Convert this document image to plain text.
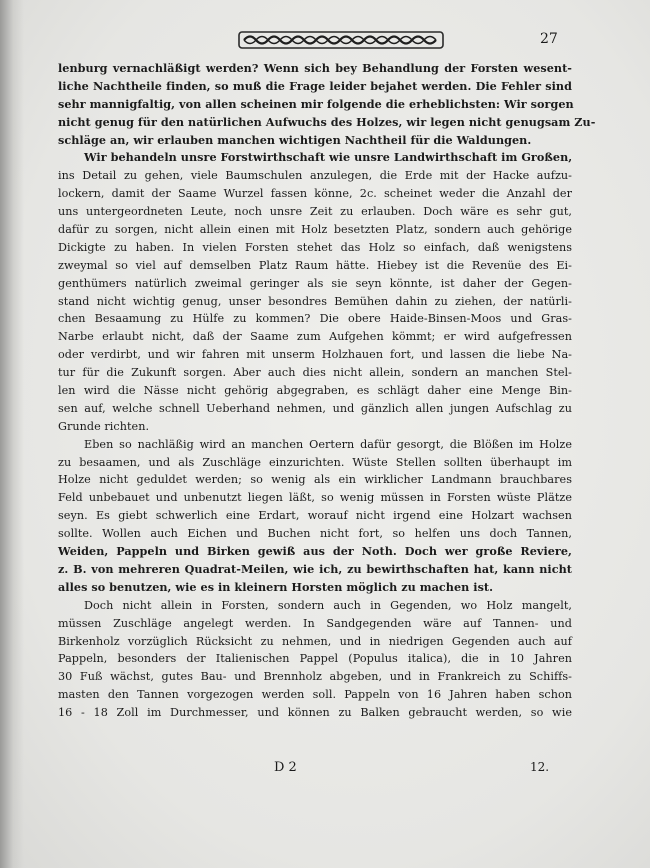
27
lenburg vernachläßigt werden? Wenn sich bey Behandlung der Forsten wesent-
liche Nachtheile finden, so muß die Frage leider bejahet werden. Die Fehler sind
sehr mannigfaltig, von allen scheinen mir folgende die erheblichsten: Wir sorgen
nicht genug für den natürlichen Aufwuchs des Holzes, wir legen nicht genugsam Zu-
schläge an, wir erlauben manchen wichtigen Nachtheil für die Waldungen.
Wir behandeln unsre Forstwirthschaft wie unsre Landwirthschaft im Großen,
ins Detail zu gehen, viele Baumschulen anzulegen, die Erde mit der Hacke aufzu-
lockern, damit der Saame Wurzel fassen könne, 2c. scheinet weder die Anzahl der
uns untergeordneten Leute, noch unsre Zeit zu erlauben. Doch wäre es sehr gut,
dafür zu sorgen, nicht allein einen mit Holz besetzten Platz, sondern auch gehörige
Dickigte zu haben. In vielen Forsten stehet das Holz so einfach, daß wenigstens
zweymal so viel auf demselben Platz Raum hätte. Hiebey ist die Revenüe des Ei-
genthümers natürlich zweimal geringer als sie seyn könnte, ist daher der Gegen-
stand nicht wichtig genug, unser besondres Bemühen dahin zu ziehen, der natürli-
chen Besaamung zu Hülfe zu kommen? Die obere Haide-Binsen-Moos und Gras-
Narbe erlaubt nicht, daß der Saame zum Aufgehen kömmt; er wird aufgefressen
oder verdirbt, und wir fahren mit unserm Holzhauen fort, und lassen die liebe Na-
tur für die Zukunft sorgen. Aber auch dies nicht allein, sondern an manchen Stel-
len wird die Nässe nicht gehörig abgegraben, es schlägt daher eine Menge Bin-
sen auf, welche schnell Ueberhand nehmen, und gänzlich allen jungen Aufschlag zu
Grunde richten.
Eben so nachläßig wird an manchen Oertern dafür gesorgt, die Blößen im Holze
zu besaamen, und als Zuschläge einzurichten. Wüste Stellen sollten überhaupt im
Holze nicht geduldet werden; so wenig als ein wirklicher Landmann brauchbares
Feld unbebauet und unbenutzt liegen läßt, so wenig müssen in Forsten wüste Plätze
seyn. Es giebt schwerlich eine Erdart, worauf nicht irgend eine Holzart wachsen
sollte. Wollen auch Eichen und Buchen nicht fort, so helfen uns doch Tannen,
Weiden, Pappeln und Birken gewiß aus der Noth. Doch wer große Reviere,
z. B. von mehreren Quadrat-Meilen, wie ich, zu bewirthschaften hat, kann nicht
alles so benutzen, wie es in kleinern Horsten möglich zu machen ist.
Doch nicht allein in Forsten, sondern auch in Gegenden, wo Holz mangelt,
müssen Zuschläge angelegt werden. In Sandgegenden wäre auf Tannen- und
Birkenholz vorzüglich Rücksicht zu nehmen, und in niedrigen Gegenden auch auf
Pappeln, besonders der Italienischen Pappel (Populus italica), die in 10 Jahren
30 Fuß wächst, gutes Bau- und Brennholz abgeben, und in Frankreich zu Schiffs-
masten den Tannen vorgezogen werden soll. Pappeln von 16 Jahren haben schon
16 - 18 Zoll im Durchmesser, und können zu Balken gebraucht werden, so wie
D 2	12.
